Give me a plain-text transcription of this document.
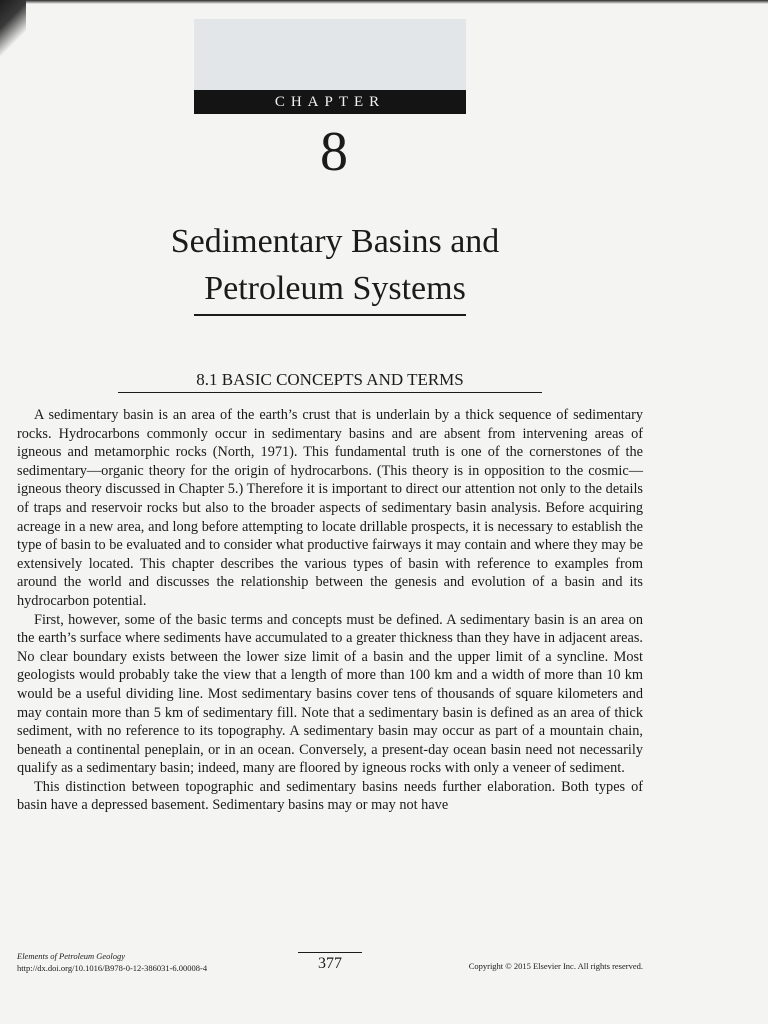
CHAPTER
8
Sedimentary Basins and
Petroleum Systems
8.1 BASIC CONCEPTS AND TERMS

A sedimentary basin is an area of the earth’s crust that is underlain by a thick sequence of sedimentary rocks. Hydrocarbons commonly occur in sedimentary basins and are absent from intervening areas of igneous and metamorphic rocks (North, 1971). This fundamental truth is one of the cornerstones of the sedimentary—organic theory for the origin of hydrocarbons. (This theory is in opposition to the cosmic—igneous theory discussed in Chapter 5.) Therefore it is important to direct our attention not only to the details of traps and reservoir rocks but also to the broader aspects of sedimentary basin analysis. Before acquiring acreage in a new area, and long before attempting to locate drillable prospects, it is necessary to establish the type of basin to be evaluated and to consider what productive fairways it may contain and where they may be extensively located. This chapter describes the various types of basin with reference to examples from around the world and discusses the relationship between the genesis and evolution of a basin and its hydrocarbon potential.

First, however, some of the basic terms and concepts must be defined. A sedimentary basin is an area on the earth’s surface where sediments have accumulated to a greater thickness than they have in adjacent areas. No clear boundary exists between the lower size limit of a basin and the upper limit of a syncline. Most geologists would probably take the view that a length of more than 100 km and a width of more than 10 km would be a useful dividing line. Most sedimentary basins cover tens of thousands of square kilometers and may contain more than 5 km of sedimentary fill. Note that a sedimentary basin is defined as an area of thick sediment, with no reference to its topography. A sedimentary basin may occur as part of a mountain chain, beneath a continental peneplain, or in an ocean. Conversely, a present-day ocean basin need not necessarily qualify as a sedimentary basin; indeed, many are floored by igneous rocks with only a veneer of sediment.

This distinction between topographic and sedimentary basins needs further elaboration. Both types of basin have a depressed basement. Sedimentary basins may or may not have

Elements of Petroleum Geology
http://dx.doi.org/10.1016/B978-0-12-386031-6.00008-4	377	Copyright © 2015 Elsevier Inc. All rights reserved.
